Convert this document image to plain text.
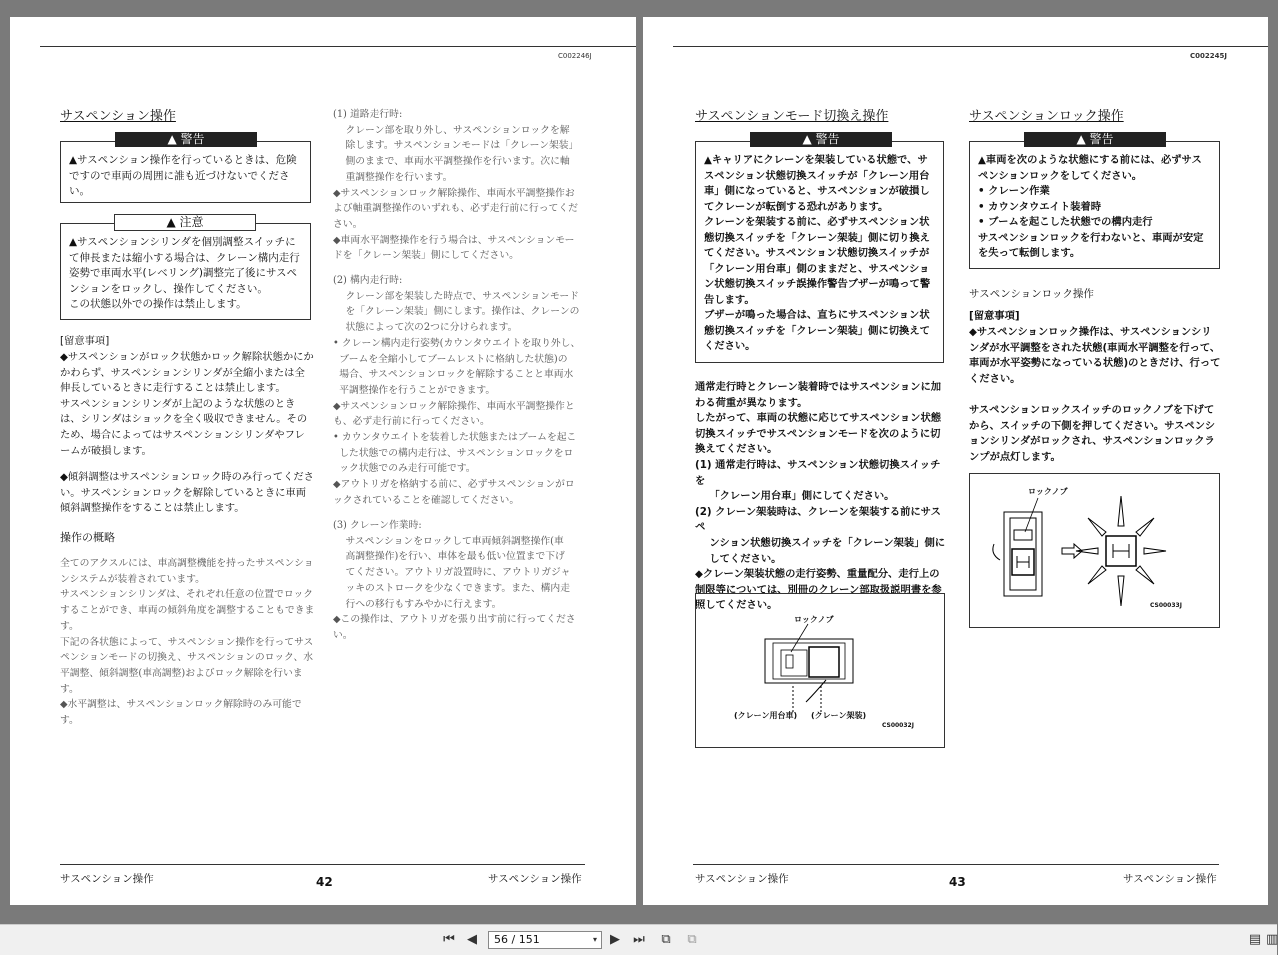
C002246J
サスペンション操作
▲ 警告
▲サスペンション操作を行っているときは、危険ですので車両の周囲に誰も近づけないでください。
▲ 注意
▲サスペンションシリンダを個別調整スイッチにて伸長または縮小する場合は、クレーン構内走行姿勢で車両水平(レベリング)調整完了後にサスペンションをロックし、操作してください。
この状態以外での操作は禁止します。
[留意事項]
◆サスペンションがロック状態かロック解除状態かにかかわらず、サスペンションシリンダが全縮小または全伸長しているときに走行することは禁止します。
サスペンションシリンダが上記のような状態のときは、シリンダはショックを全く吸収できません。そのため、場合によってはサスペンションシリンダやフレームが破損します。
◆傾斜調整はサスペンションロック時のみ行ってください。サスペンションロックを解除しているときに車両傾斜調整操作をすることは禁止します。
操作の概略
全てのアクスルには、車高調整機能を持ったサスペンションシステムが装着されています。
サスペンションシリンダは、それぞれ任意の位置でロックすることができ、車両の傾斜角度を調整することもできます。
下記の各状態によって、サスペンション操作を行ってサスペンションモードの切換え、サスペンションのロック、水平調整、傾斜調整(車高調整)およびロック解除を行います。
◆水平調整は、サスペンションロック解除時のみ可能です。
(1) 道路走行時:
クレーン部を取り外し、サスペンションロックを解
除します。サスペンションモードは「クレーン架装」
側のままで、車両水平調整操作を行います。次に軸
重調整操作を行います。
◆サスペンションロック解除操作、車両水平調整操作お
よび軸重調整操作のいずれも、必ず走行前に行ってくだ
さい。
◆車両水平調整操作を行う場合は、サスペンションモー
ドを「クレーン架装」側にしてください。
(2) 構内走行時:
クレーン部を架装した時点で、サスペンションモード
を「クレーン架装」側にします。操作は、クレーンの
状態によって次の2つに分けられます。
• クレーン構内走行姿勢(カウンタウエイトを取り外し、
ブームを全縮小してブームレストに格納した状態)の
場合、サスペンションロックを解除することと車両水
平調整操作を行うことができます。
◆サスペンションロック解除操作、車両水平調整操作と
も、必ず走行前に行ってください。
• カウンタウエイトを装着した状態またはブームを起こ
した状態での構内走行は、サスペンションロックをロ
ック状態でのみ走行可能です。
◆アウトリガを格納する前に、必ずサスペンションがロ
ックされていることを確認してください。
(3) クレーン作業時:
サスペンションをロックして車両傾斜調整操作(車
高調整操作)を行い、車体を最も低い位置まで下げ
てください。アウトリガ設置時に、アウトリガジャ
ッキのストロークを少なくできます。また、構内走
行への移行もすみやかに行えます。
◆この操作は、アウトリガを張り出す前に行ってくださ
い。
サスペンション操作	42	サスペンション操作
C002245J
サスペンションモード切換え操作
▲ 警告
▲キャリアにクレーンを架装している状態で、サスペンション状態切換スイッチが「クレーン用台車」側になっていると、サスペンションが破損してクレーンが転倒する恐れがあります。
クレーンを架装する前に、必ずサスペンション状態切換スイッチを「クレーン架装」側に切り換えてください。サスペンション状態切換スイッチが「クレーン用台車」側のままだと、サスペンション状態切換スイッチ誤操作警告ブザーが鳴って警告します。
ブザーが鳴った場合は、直ちにサスペンション状態切換スイッチを「クレーン架装」側に切換えてください。
通常走行時とクレーン装着時ではサスペンションに加わる荷重が異なります。
したがって、車両の状態に応じてサスペンション状態切換スイッチでサスペンションモードを次のように切換えてください。
(1) 通常走行時は、サスペンション状態切換スイッチを
「クレーン用台車」側にしてください。
(2) クレーン架装時は、クレーンを架装する前にサスペ
ンション状態切換スイッチを「クレーン架装」側に
してください。
◆クレーン架装状態の走行姿勢、重量配分、走行上の制限等については、別冊のクレーン部取扱説明書を参照してください。
ロックノブ
(クレーン用台車) (クレーン架装)
CS00032J
サスペンションロック操作
▲ 警告
▲車両を次のような状態にする前には、必ずサスペンションロックをしてください。
• クレーン作業
• カウンタウエイト装着時
• ブームを起こした状態での構内走行
サスペンションロックを行わないと、車両が安定を失って転倒します。
サスペンションロック操作
[留意事項]
◆サスペンションロック操作は、サスペンションシリンダが水平調整をされた状態(車両水平調整を行って、車両が水平姿勢になっている状態)のときだけ、行ってください。
サスペンションロックスイッチのロックノブを下げてから、スイッチの下側を押してください。サスペンションシリンダがロックされ、サスペンションロックランプが点灯します。
ロックノブ
CS00033J
サスペンション操作	43	サスペンション操作
⏮ ◀	56 / 151	▾ ▶ ⏭	⧉	⧉	▤ ▥
